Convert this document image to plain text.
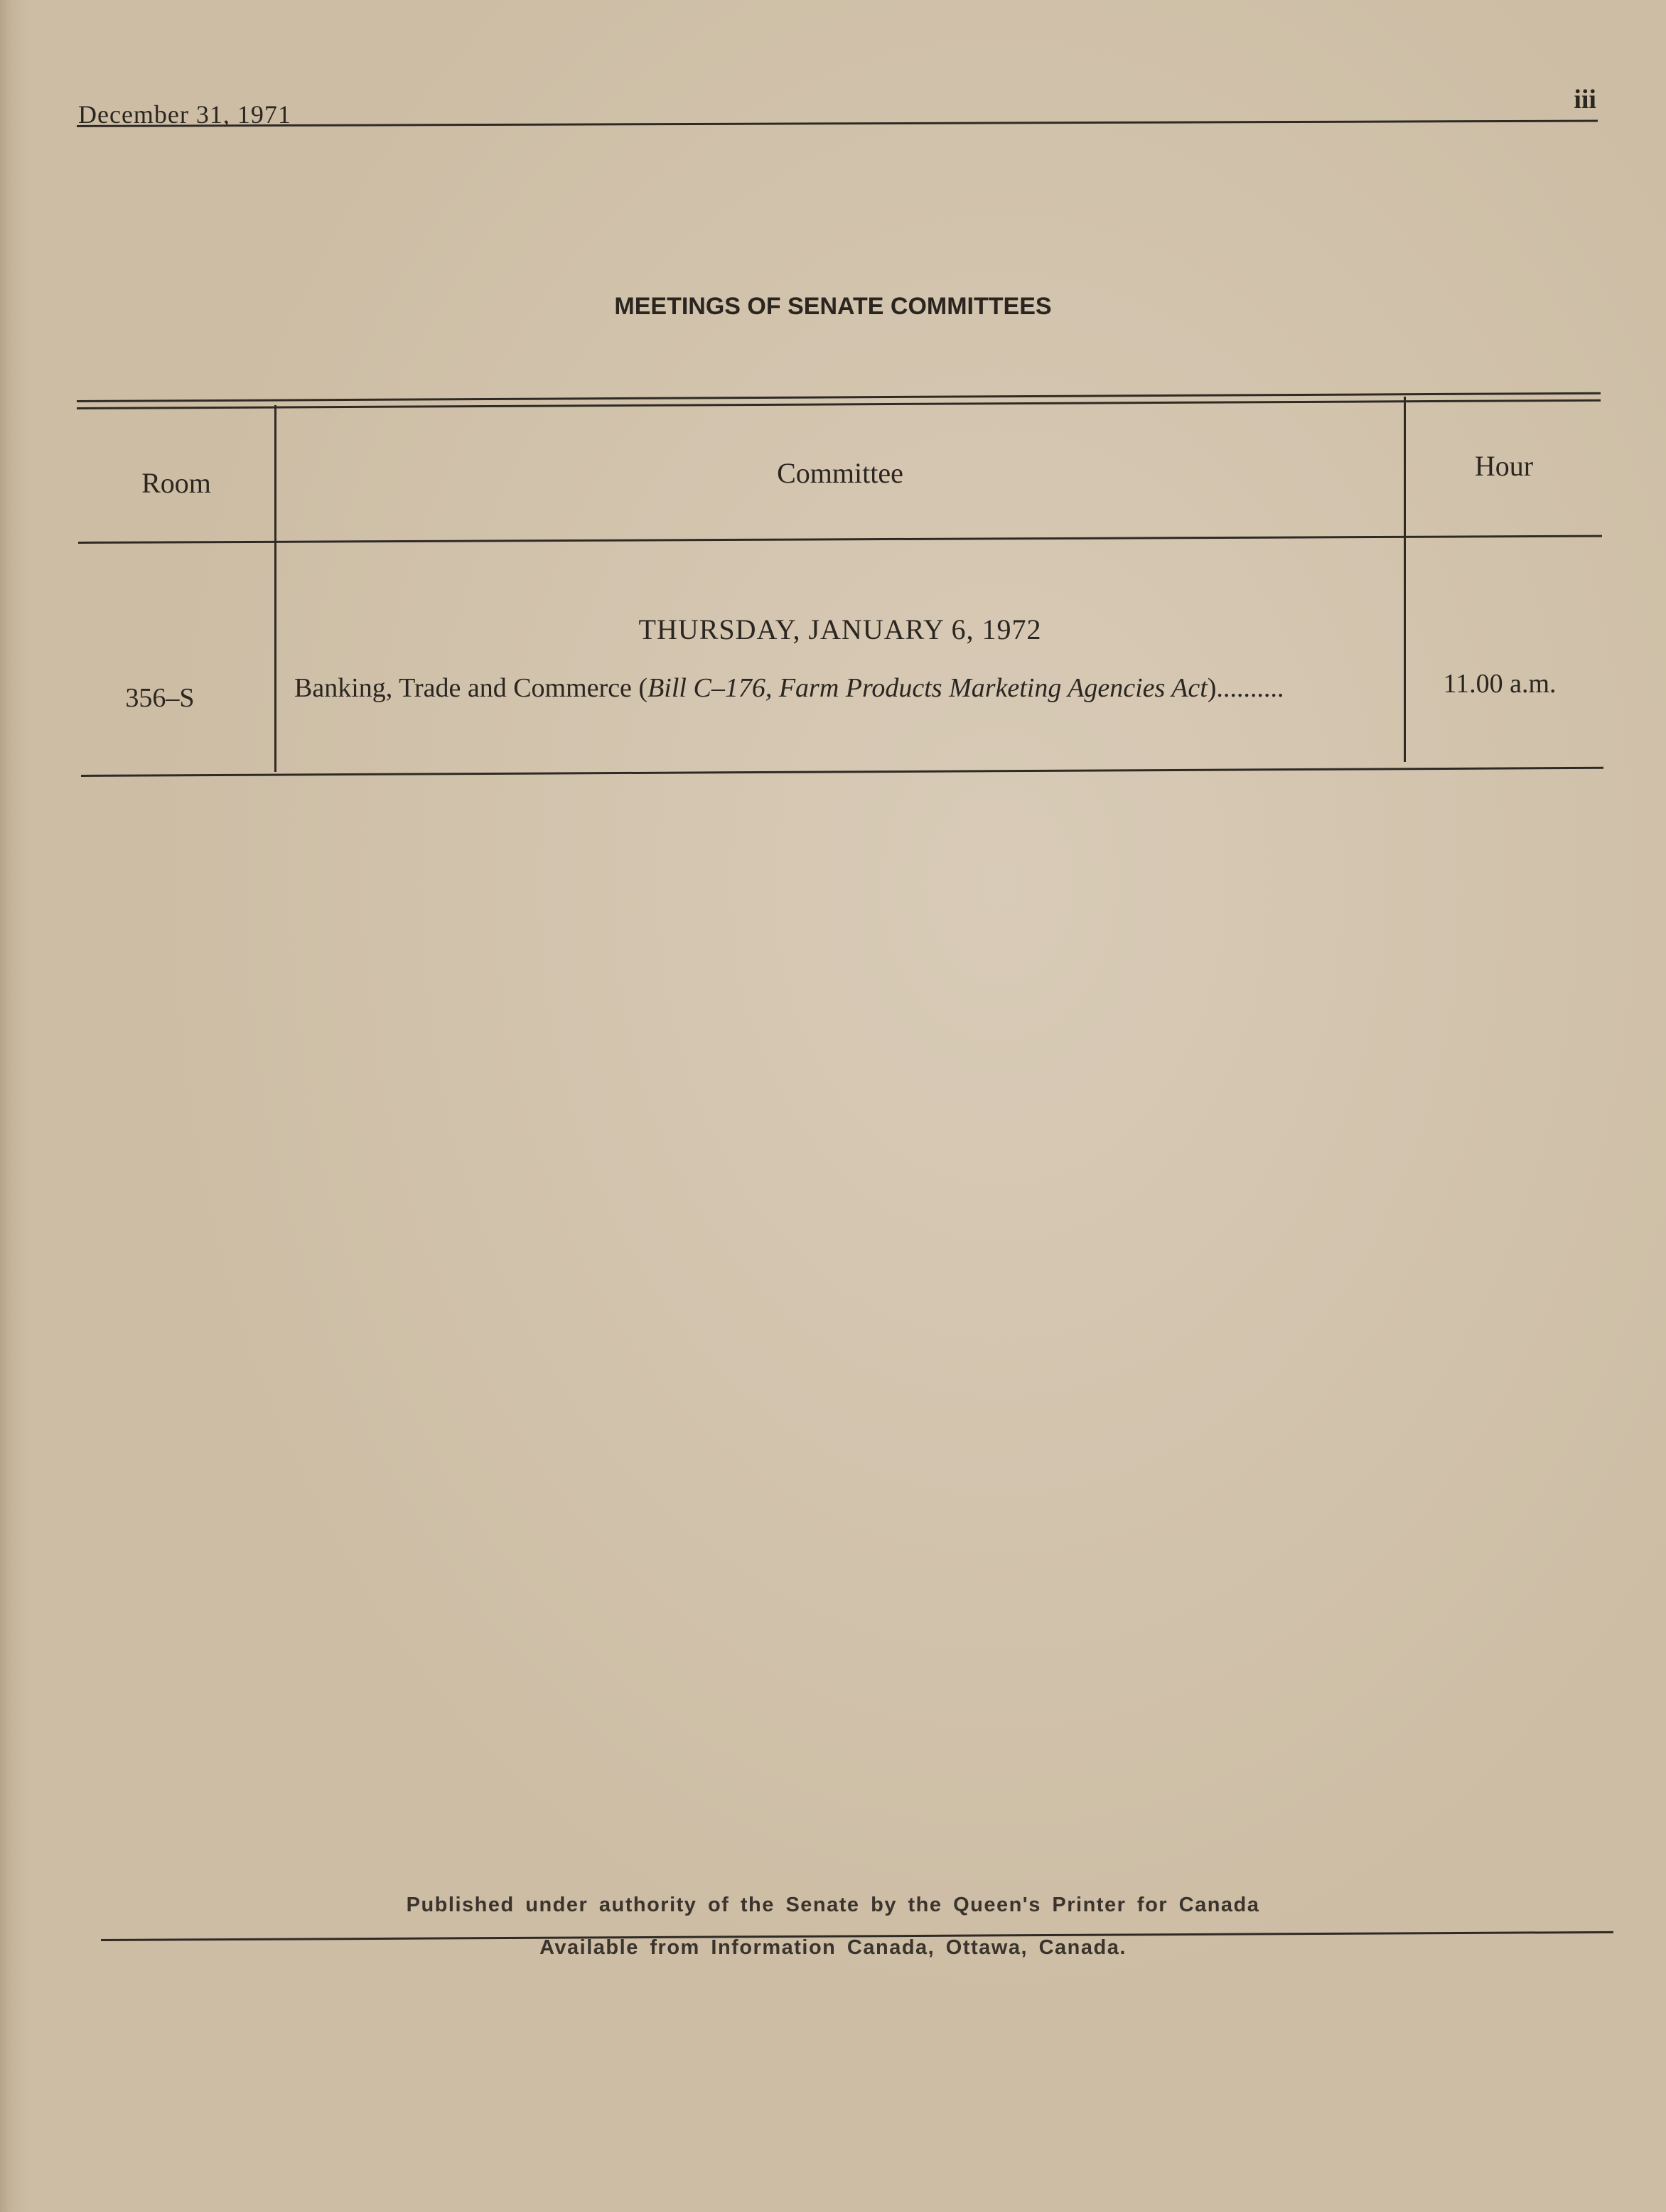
December 31, 1971	iii
MEETINGS OF SENATE COMMITTEES
Room	Committee	Hour
THURSDAY, JANUARY 6, 1972
356–S	Banking, Trade and Commerce (Bill C–176, Farm Products Marketing Agencies Act)..........	11.00 a.m.
Published under authority of the Senate by the Queen's Printer for Canada
Available from Information Canada, Ottawa, Canada.
